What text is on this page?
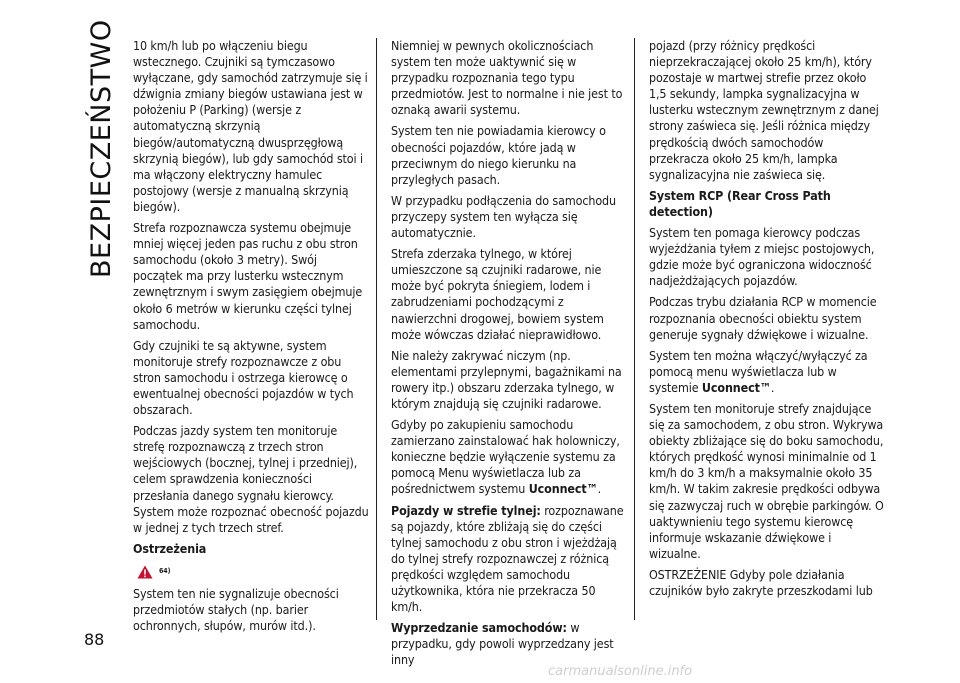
BEZPIECZEŃSTWO 10 km/h lub po włączeniu biegu wstecznego. Czujniki są tymczasowo wyłączane, gdy samochód zatrzymuje się i dźwignia zmiany biegów ustawiana jest w położeniu P (Parking) (wersje z automatyczną skrzynią biegów/automatyczną dwusprzęgłową skrzynią biegów), lub gdy samochód stoi i ma włączony elektryczny hamulec postojowy (wersje z manualną skrzynią biegów).

Strefa rozpoznawcza systemu obejmuje mniej więcej jeden pas ruchu z obu stron samochodu (około 3 metry). Swój początek ma przy lusterku wstecznym zewnętrznym i swym zasięgiem obejmuje około 6 metrów w kierunku części tylnej samochodu.

Gdy czujniki te są aktywne, system monitoruje strefy rozpoznawcze z obu stron samochodu i ostrzega kierowcę o ewentualnej obecności pojazdów w tych obszarach.

Podczas jazdy system ten monitoruje strefę rozpoznawczą z trzech stron wejściowych (bocznej, tylnej i przedniej), celem sprawdzenia konieczności przesłania danego sygnału kierowcy. System może rozpoznać obecność pojazdu w jednej z tych trzech stref.

Ostrzeżenia

64)

System ten nie sygnalizuje obecności przedmiotów stałych (np. barier ochronnych, słupów, murów itd.).

Niemniej w pewnych okolicznościach system ten może uaktywnić się w przypadku rozpoznania tego typu przedmiotów. Jest to normalne i nie jest to oznaką awarii systemu.

System ten nie powiadamia kierowcy o obecności pojazdów, które jadą w przeciwnym do niego kierunku na przyległych pasach.

W przypadku podłączenia do samochodu przyczepy system ten wyłącza się automatycznie.

Strefa zderzaka tylnego, w której umieszczone są czujniki radarowe, nie może być pokryta śniegiem, lodem i zabrudzeniami pochodzącymi z nawierzchni drogowej, bowiem system może wówczas działać nieprawidłowo.

Nie należy zakrywać niczym (np. elementami przylepnymi, bagażnikami na rowery itp.) obszaru zderzaka tylnego, w którym znajdują się czujniki radarowe.

Gdyby po zakupieniu samochodu zamierzano zainstalować hak holowniczy, konieczne będzie wyłączenie systemu za pomocą Menu wyświetlacza lub za pośrednictwem systemu Uconnect™.

Pojazdy w strefie tylnej: rozpoznawane są pojazdy, które zbliżają się do części tylnej samochodu z obu stron i wjeżdżają do tylnej strefy rozpoznawczej z różnicą prędkości względem samochodu użytkownika, która nie przekracza 50 km/h.

Wyprzedzanie samochodów: w przypadku, gdy powoli wyprzedzany jest inny

pojazd (przy różnicy prędkości nieprzekraczającej około 25 km/h), który pozostaje w martwej strefie przez około 1,5 sekundy, lampka sygnalizacyjna w lusterku wstecznym zewnętrznym z danej strony zaświeca się. Jeśli różnica między prędkością dwóch samochodów przekracza około 25 km/h, lampka sygnalizacyjna nie zaświeca się.

System RCP (Rear Cross Path detection)

System ten pomaga kierowcy podczas wyjeżdżania tyłem z miejsc postojowych, gdzie może być ograniczona widoczność nadjeżdżających pojazdów.

Podczas trybu działania RCP w momencie rozpoznania obecności obiektu system generuje sygnały dźwiękowe i wizualne.

System ten można włączyć/wyłączyć za pomocą menu wyświetlacza lub w systemie Uconnect™.

System ten monitoruje strefy znajdujące się za samochodem, z obu stron. Wykrywa obiekty zbliżające się do boku samochodu, których prędkość wynosi minimalnie od 1 km/h do 3 km/h a maksymalnie około 35 km/h. W takim zakresie prędkości odbywa się zazwyczaj ruch w obrębie parkingów. O uaktywnieniu tego systemu kierowcę informuje wskazanie dźwiękowe i wizualne.

OSTRZEŻENIE Gdyby pole działania czujników było zakryte przeszkodami lub

88
carmanualsonline.info
